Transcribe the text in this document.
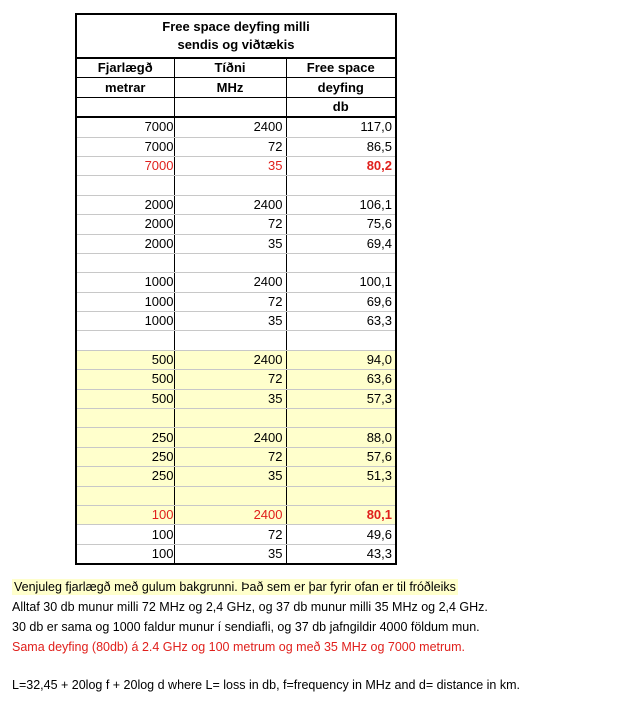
Free space deyfing milli
sendis og viðtækis		

Fjarlægð	Tíðni	Free space
metrar	MHz	deyfing
		db
7000	2400	117,0
7000	72	86,5
7000	35	80,2

2000	2400	106,1
2000	72	75,6
2000	35	69,4

1000	2400	100,1
1000	72	69,6
1000	35	63,3

500	2400	94,0
500	72	63,6
500	35	57,3

250	2400	88,0
250	72	57,6
250	35	51,3

100	2400	80,1
100	72	49,6
100	35	43,3
Venjuleg fjarlægð með gulum bakgrunni. Það sem er þar fyrir ofan er til fróðleiks
Alltaf 30 db munur milli 72 MHz og 2,4 GHz, og 37 db munur milli 35 MHz og 2,4 GHz.
30 db er sama og 1000 faldur munur í sendiafli, og 37 db jafngildir 4000 földum mun.
Sama deyfing (80db) á 2.4 GHz og 100 metrum og með 35 MHz og 7000 metrum.
L=32,45 + 20log f + 20log d where L= loss in db, f=frequency in MHz and d= distance in km.
